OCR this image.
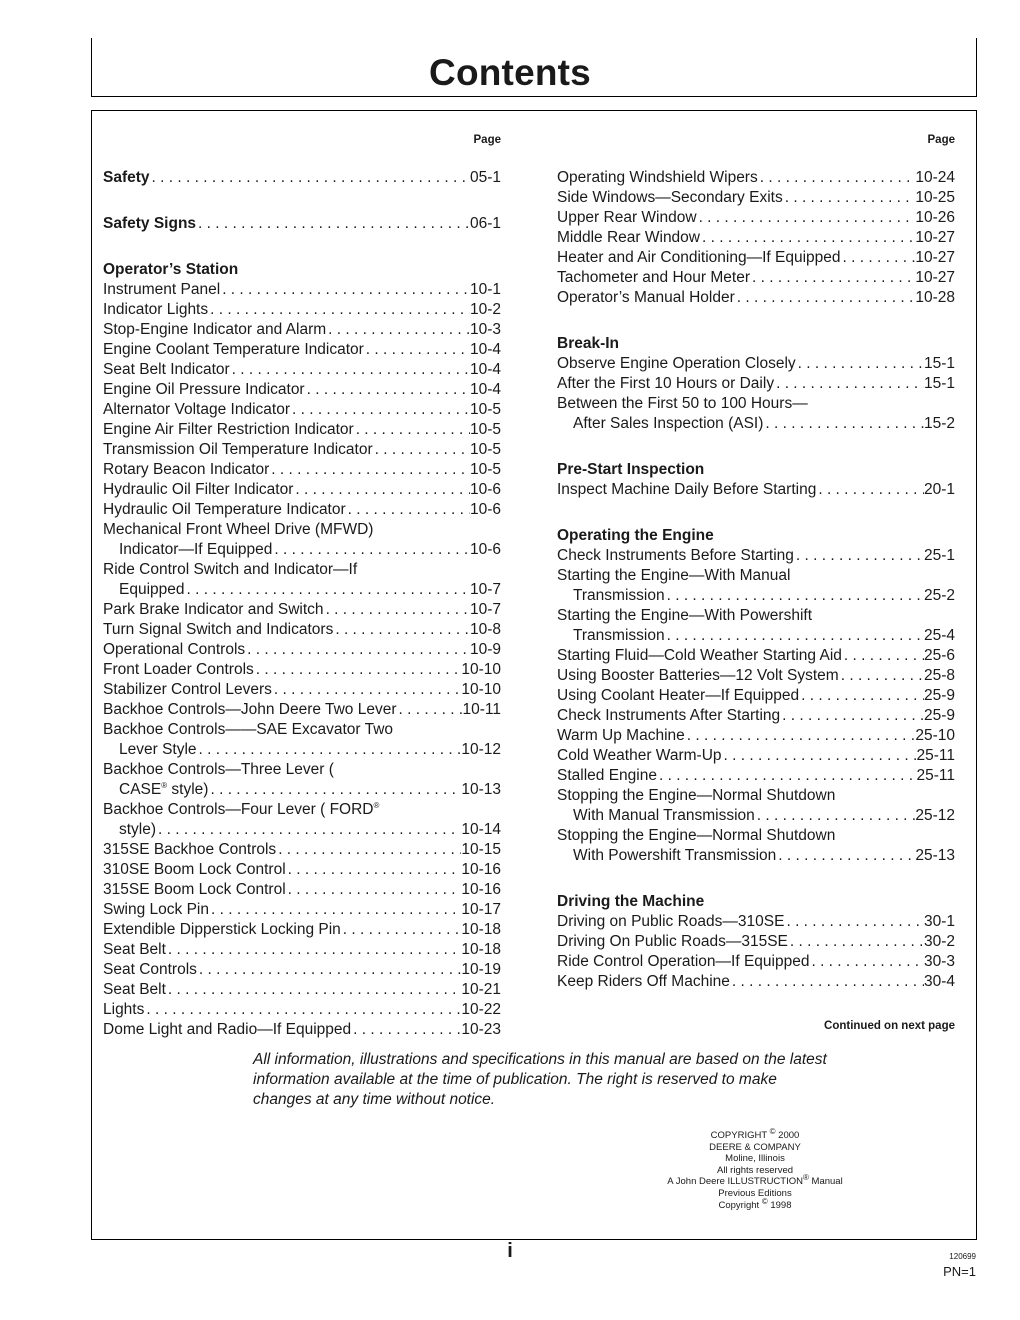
Contents
Page
Safety . . .	05-1
Safety Signs . . .	06-1
Operator’s Station
Instrument Panel . . .	10-1
Indicator Lights . . .	10-2
Stop-Engine Indicator and Alarm . . .	10-3
Engine Coolant Temperature Indicator . . .	10-4
Seat Belt Indicator . . .	10-4
Engine Oil Pressure Indicator . . .	10-4
Alternator Voltage Indicator . . .	10-5
Engine Air Filter Restriction Indicator . . .	10-5
Transmission Oil Temperature Indicator . . .	10-5
Rotary Beacon Indicator . . .	10-5
Hydraulic Oil Filter Indicator . . .	10-6
Hydraulic Oil Temperature Indicator . . .	10-6
Mechanical Front Wheel Drive (MFWD)
Indicator—If Equipped . . .	10-6
Ride Control Switch and Indicator—If
Equipped . . .	10-7
Park Brake Indicator and Switch . . .	10-7
Turn Signal Switch and Indicators . . .	10-8
Operational Controls . . .	10-9
Front Loader Controls . . .	10-10
Stabilizer Control Levers . . .	10-10
Backhoe Controls—John Deere Two Lever . . .	10-11
Backhoe Controls——SAE Excavator Two
Lever Style . . .	10-12
Backhoe Controls—Three Lever (
CASE® style) . . .	10-13
Backhoe Controls—Four Lever ( FORD®
style) . . .	10-14
315SE Backhoe Controls . . .	10-15
310SE Boom Lock Control . . .	10-16
315SE Boom Lock Control . . .	10-16
Swing Lock Pin . . .	10-17
Extendible Dipperstick Locking Pin . . .	10-18
Seat Belt . . .	10-18
Seat Controls . . .	10-19
Seat Belt . . .	10-21
Lights . . .	10-22
Dome Light and Radio—If Equipped . . .	10-23
Page
Operating Windshield Wipers . . .	10-24
Side Windows—Secondary Exits . . .	10-25
Upper Rear Window . . .	10-26
Middle Rear Window . . .	10-27
Heater and Air Conditioning—If Equipped . . .	10-27
Tachometer and Hour Meter . . .	10-27
Operator’s Manual Holder . . .	10-28
Break-In
Observe Engine Operation Closely . . .	15-1
After the First 10 Hours or Daily . . .	15-1
Between the First 50 to 100 Hours—
After Sales Inspection (ASI) . . .	15-2
Pre-Start Inspection
Inspect Machine Daily Before Starting . . .	20-1
Operating the Engine
Check Instruments Before Starting . . .	25-1
Starting the Engine—With Manual
Transmission . . .	25-2
Starting the Engine—With Powershift
Transmission . . .	25-4
Starting Fluid—Cold Weather Starting Aid . . .	25-6
Using Booster Batteries—12 Volt System . . .	25-8
Using Coolant Heater—If Equipped . . .	25-9
Check Instruments After Starting . . .	25-9
Warm Up Machine . . .	25-10
Cold Weather Warm-Up . . .	25-11
Stalled Engine . . .	25-11
Stopping the Engine—Normal Shutdown
With Manual Transmission . . .	25-12
Stopping the Engine—Normal Shutdown
With Powershift Transmission . . .	25-13
Driving the Machine
Driving on Public Roads—310SE . . .	30-1
Driving On Public Roads—315SE . . .	30-2
Ride Control Operation—If Equipped . . .	30-3
Keep Riders Off Machine . . .	30-4
Continued on next page
All information, illustrations and specifications in this manual are based on the latest information available at the time of publication. The right is reserved to make changes at any time without notice.
COPYRIGHT © 2000
DEERE & COMPANY
Moline, Illinois
All rights reserved
A John Deere ILLUSTRUCTION® Manual
Previous Editions
Copyright © 1998
i	120699
PN=1
